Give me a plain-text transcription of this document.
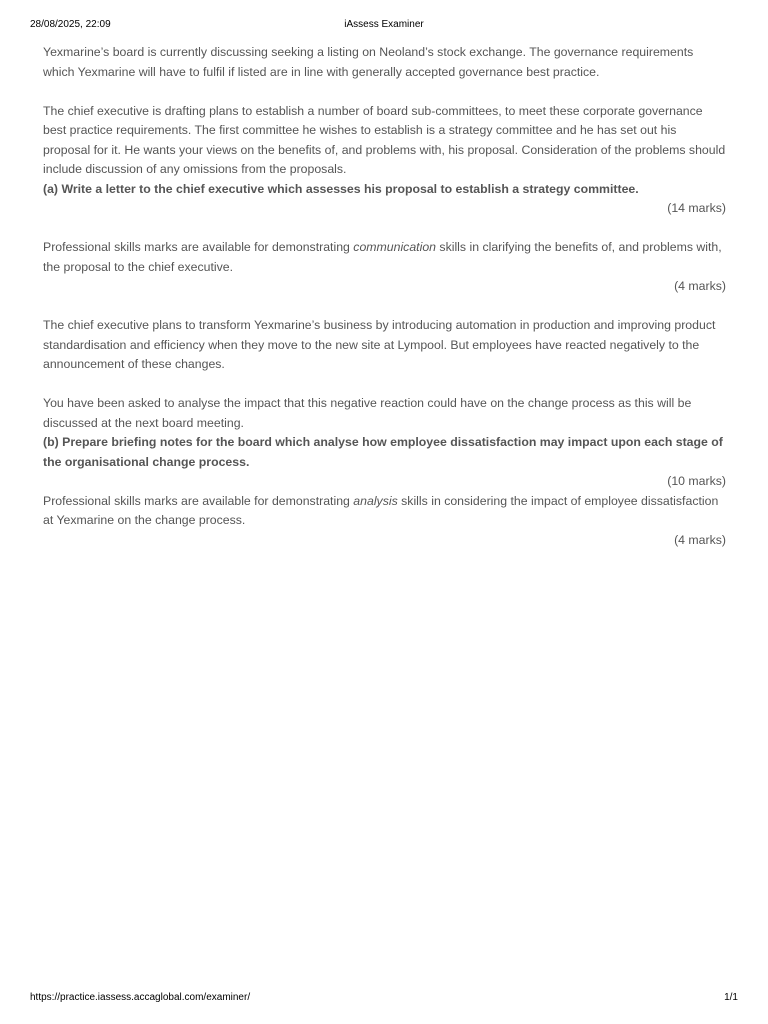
28/08/2025, 22:09	iAssess Examiner

Yexmarine’s board is currently discussing seeking a listing on Neoland’s stock exchange. The governance requirements which Yexmarine will have to fulfil if listed are in line with generally accepted governance best practice.

The chief executive is drafting plans to establish a number of board sub-committees, to meet these corporate governance best practice requirements. The first committee he wishes to establish is a strategy committee and he has set out his proposal for it. He wants your views on the benefits of, and problems with, his proposal. Consideration of the problems should include discussion of any omissions from the proposals.

(a) Write a letter to the chief executive which assesses his proposal to establish a strategy committee.

(14 marks)

Professional skills marks are available for demonstrating communication skills in clarifying the benefits of, and problems with, the proposal to the chief executive.

(4 marks)

The chief executive plans to transform Yexmarine’s business by introducing automation in production and improving product standardisation and efficiency when they move to the new site at Lympool. But employees have reacted negatively to the announcement of these changes.

You have been asked to analyse the impact that this negative reaction could have on the change process as this will be discussed at the next board meeting.

(b) Prepare briefing notes for the board which analyse how employee dissatisfaction may impact upon each stage of the organisational change process.

(10 marks)

Professional skills marks are available for demonstrating analysis skills in considering the impact of employee dissatisfaction at Yexmarine on the change process.

(4 marks)

https://practice.iassess.accaglobal.com/examiner/	1/1
